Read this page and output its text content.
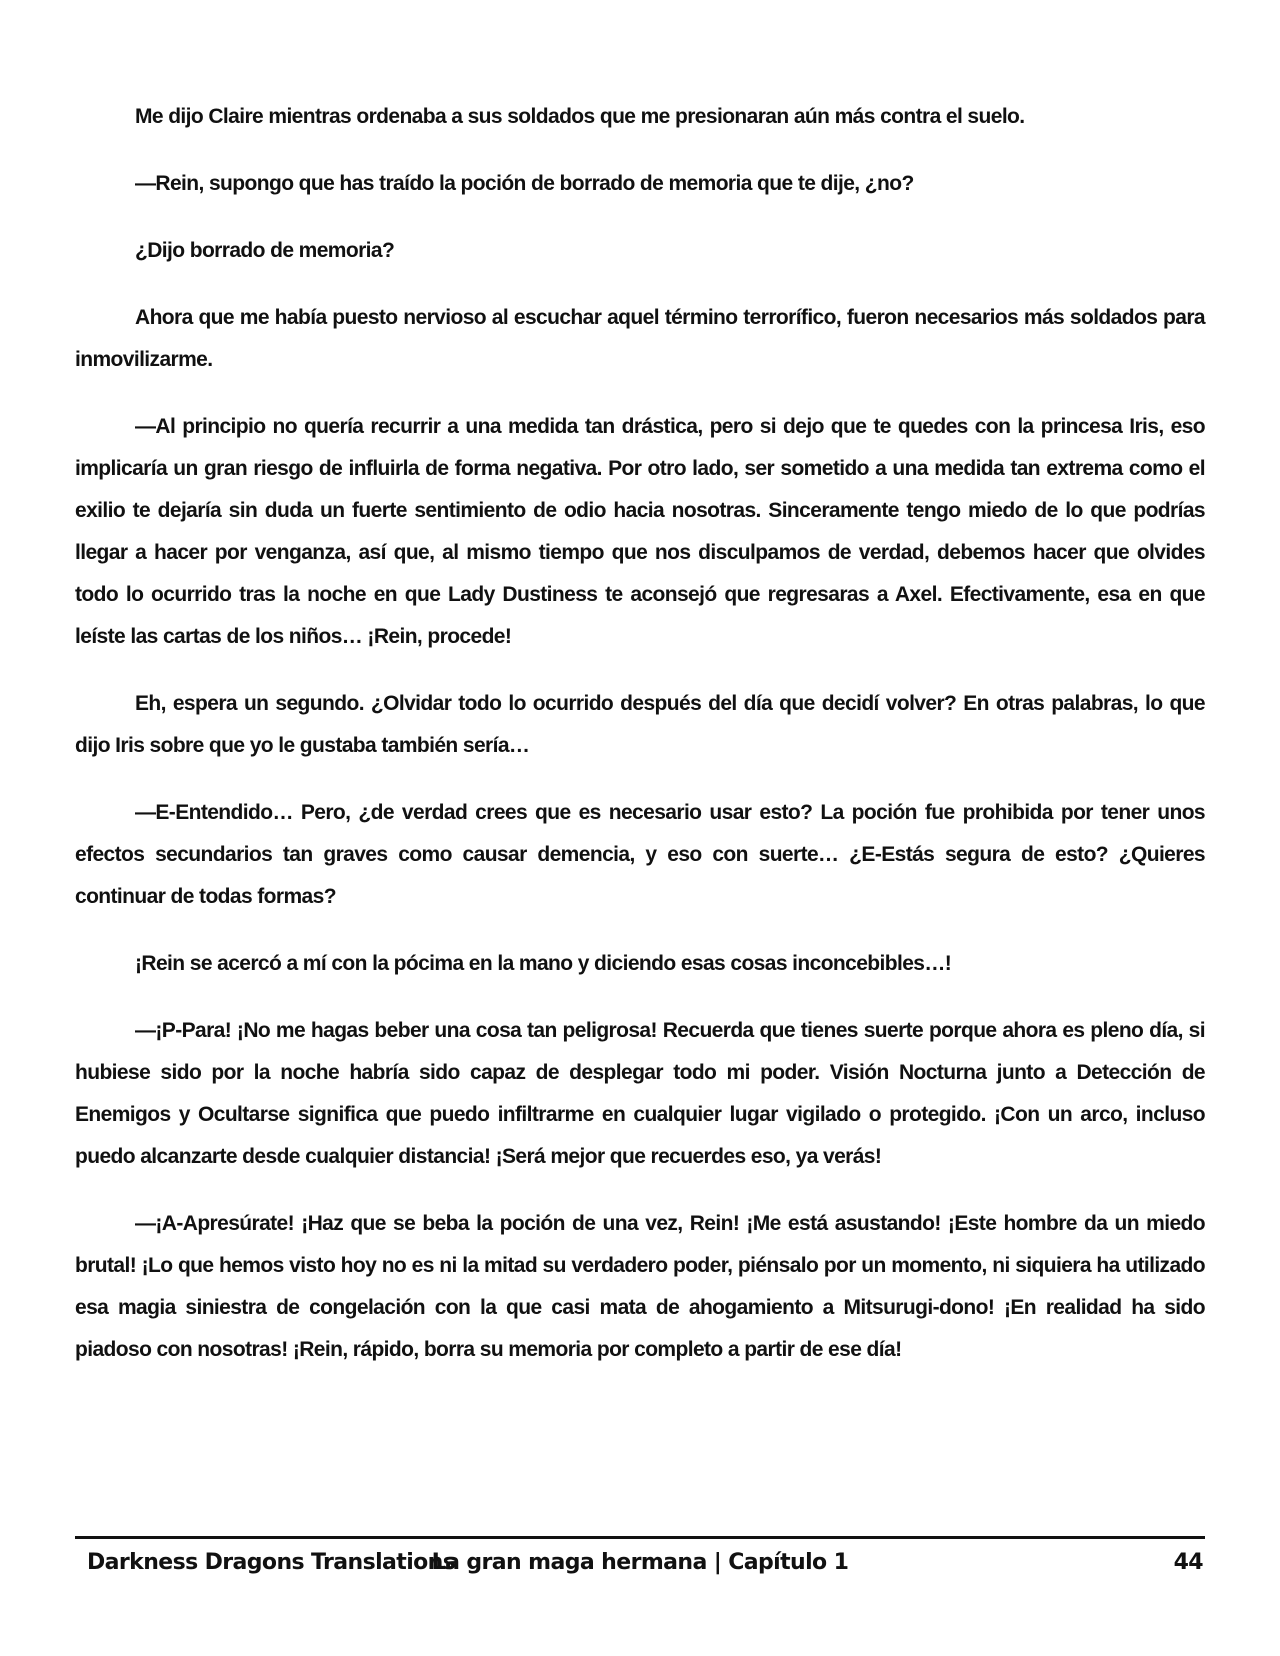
Me dijo Claire mientras ordenaba a sus soldados que me presionaran aún más contra el suelo.

—Rein, supongo que has traído la poción de borrado de memoria que te dije, ¿no?

¿Dijo borrado de memoria?

Ahora que me había puesto nervioso al escuchar aquel término terrorífico, fueron necesarios más soldados para inmovilizarme.

—Al principio no quería recurrir a una medida tan drástica, pero si dejo que te quedes con la princesa Iris, eso implicaría un gran riesgo de influirla de forma negativa. Por otro lado, ser sometido a una medida tan extrema como el exilio te dejaría sin duda un fuerte sentimiento de odio hacia nosotras. Sinceramente tengo miedo de lo que podrías llegar a hacer por venganza, así que, al mismo tiempo que nos disculpamos de verdad, debemos hacer que olvides todo lo ocurrido tras la noche en que Lady Dustiness te aconsejó que regresaras a Axel. Efectivamente, esa en que leíste las cartas de los niños… ¡Rein, procede!

Eh, espera un segundo. ¿Olvidar todo lo ocurrido después del día que decidí volver? En otras palabras, lo que dijo Iris sobre que yo le gustaba también sería…

—E-Entendido… Pero, ¿de verdad crees que es necesario usar esto? La poción fue prohibida por tener unos efectos secundarios tan graves como causar demencia, y eso con suerte… ¿E-Estás segura de esto? ¿Quieres continuar de todas formas?

¡Rein se acercó a mí con la pócima en la mano y diciendo esas cosas inconcebibles…!

—¡P-Para! ¡No me hagas beber una cosa tan peligrosa! Recuerda que tienes suerte porque ahora es pleno día, si hubiese sido por la noche habría sido capaz de desplegar todo mi poder. Visión Nocturna junto a Detección de Enemigos y Ocultarse significa que puedo infiltrarme en cualquier lugar vigilado o protegido. ¡Con un arco, incluso puedo alcanzarte desde cualquier distancia! ¡Será mejor que recuerdes eso, ya verás!

—¡A-Apresúrate! ¡Haz que se beba la poción de una vez, Rein! ¡Me está asustando! ¡Este hombre da un miedo brutal! ¡Lo que hemos visto hoy no es ni la mitad su verdadero poder, piénsalo por un momento, ni siquiera ha utilizado esa magia siniestra de congelación con la que casi mata de ahogamiento a Mitsurugi-dono! ¡En realidad ha sido piadoso con nosotras! ¡Rein, rápido, borra su memoria por completo a partir de ese día!

Darkness Dragons Translations
La gran maga hermana | Capítulo 1	44
